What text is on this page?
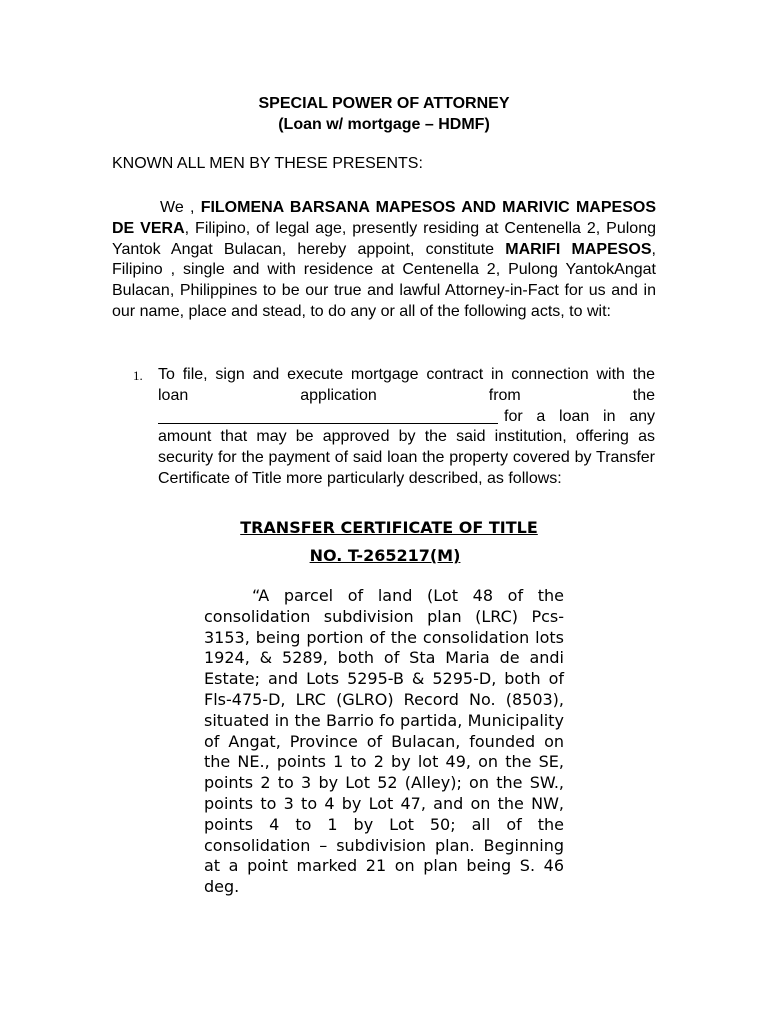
SPECIAL POWER OF ATTORNEY
(Loan w/ mortgage – HDMF)
KNOWN ALL MEN BY THESE PRESENTS:
We , FILOMENA BARSANA MAPESOS AND MARIVIC MAPESOS DE VERA, Filipino, of legal age, presently residing at Centenella 2, Pulong Yantok Angat Bulacan, hereby appoint, constitute MARIFI MAPESOS, Filipino , single and with residence at Centenella 2, Pulong YantokAngat Bulacan, Philippines to be our true and lawful Attorney-in-Fact for us and in our name, place and stead, to do any or all of the following acts, to wit:
1. To file, sign and execute mortgage contract in connection with the loan application from the for a loan in any amount that may be approved by the said institution, offering as security for the payment of said loan the property covered by Transfer Certificate of Title more particularly described, as follows:
TRANSFER CERTIFICATE OF TITLE
NO. T-265217(M)
“A parcel of land (Lot 48 of the consolidation subdivision plan (LRC) Pcs-3153, being portion of the consolidation lots 1924, & 5289, both of Sta Maria de andi Estate; and Lots 5295-B & 5295-D, both of Fls-475-D, LRC (GLRO) Record No. (8503), situated in the Barrio fo partida, Municipality of Angat, Province of Bulacan, founded on the NE., points 1 to 2 by lot 49, on the SE, points 2 to 3 by Lot 52 (Alley); on the SW., points to 3 to 4 by Lot 47, and on the NW, points 4 to 1 by Lot 50; all of the consolidation – subdivision plan. Beginning at a point marked 21 on plan being S. 46 deg.
